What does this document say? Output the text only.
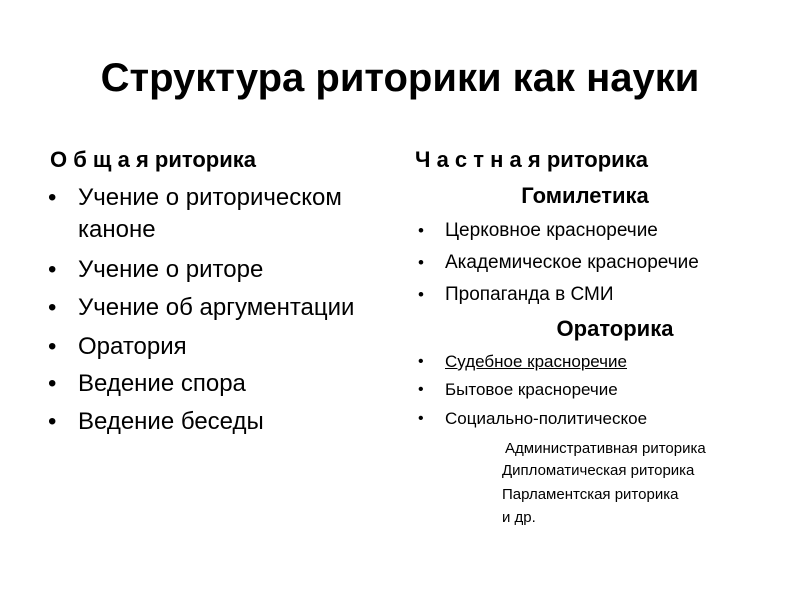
Структура риторики как науки
О б щ а я риторика
• Учение о риторическом каноне
• Учение о риторе
• Учение об аргументации
• Оратория
• Ведение спора
• Ведение беседы
Ч а с т н а я риторика
Гомилетика
• Церковное красноречие
• Академическое красноречие
• Пропаганда в СМИ
Ораторика
• Судебное красноречие
• Бытовое красноречие
• Социально-политическое
Административная риторика
Дипломатическая риторика
Парламентская риторика
и др.
